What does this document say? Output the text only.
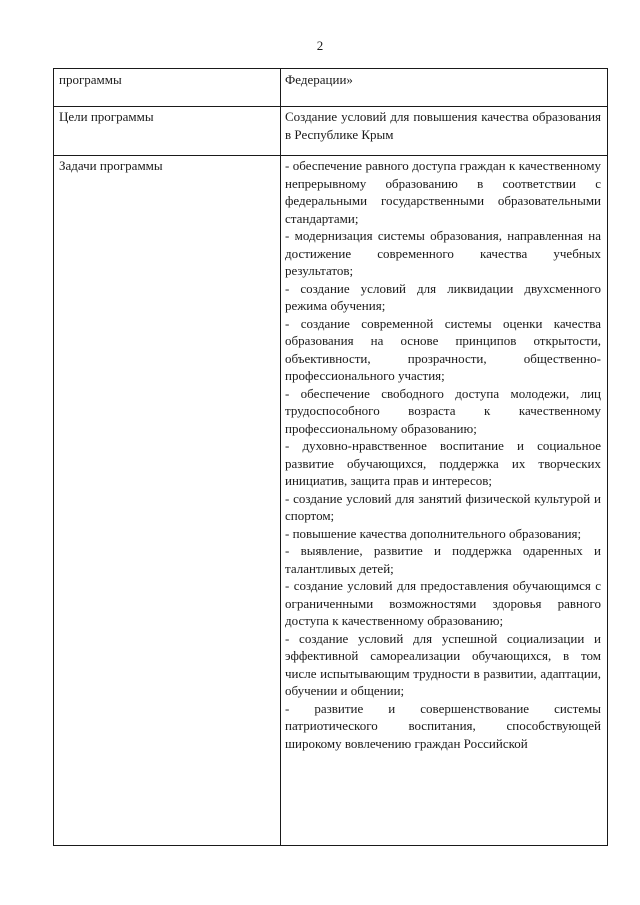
2
программы	Федерации»
Цели программы	Создание условий для повышения качества образования в Республике Крым
Задачи программы	- обеспечение равного доступа граждан к качественному непрерывному образованию в соответствии с федеральными государственными образовательными стандартами;
- модернизация системы образования, направленная на достижение современного качества учебных результатов;
- создание условий для ликвидации двухсменного режима обучения;
- создание современной системы оценки качества образования на основе принципов открытости, объективности, прозрачности, общественно-профессионального участия;
- обеспечение свободного доступа молодежи, лиц трудоспособного возраста к качественному профессиональному образованию;
- духовно-нравственное воспитание и социальное развитие обучающихся, поддержка их творческих инициатив, защита прав и интересов;
- создание условий для занятий физической культурой и спортом;
- повышение качества дополнительного образования;
- выявление, развитие и поддержка одаренных и талантливых детей;
- создание условий для предоставления обучающимся с ограниченными возможностями здоровья равного доступа к качественному образованию;
- создание условий для успешной социализации и эффективной самореализации обучающихся, в том числе испытывающим трудности в развитии, адаптации, обучении и общении;
- развитие и совершенствование системы патриотического воспитания, способствующей широкому вовлечению граждан Российской
